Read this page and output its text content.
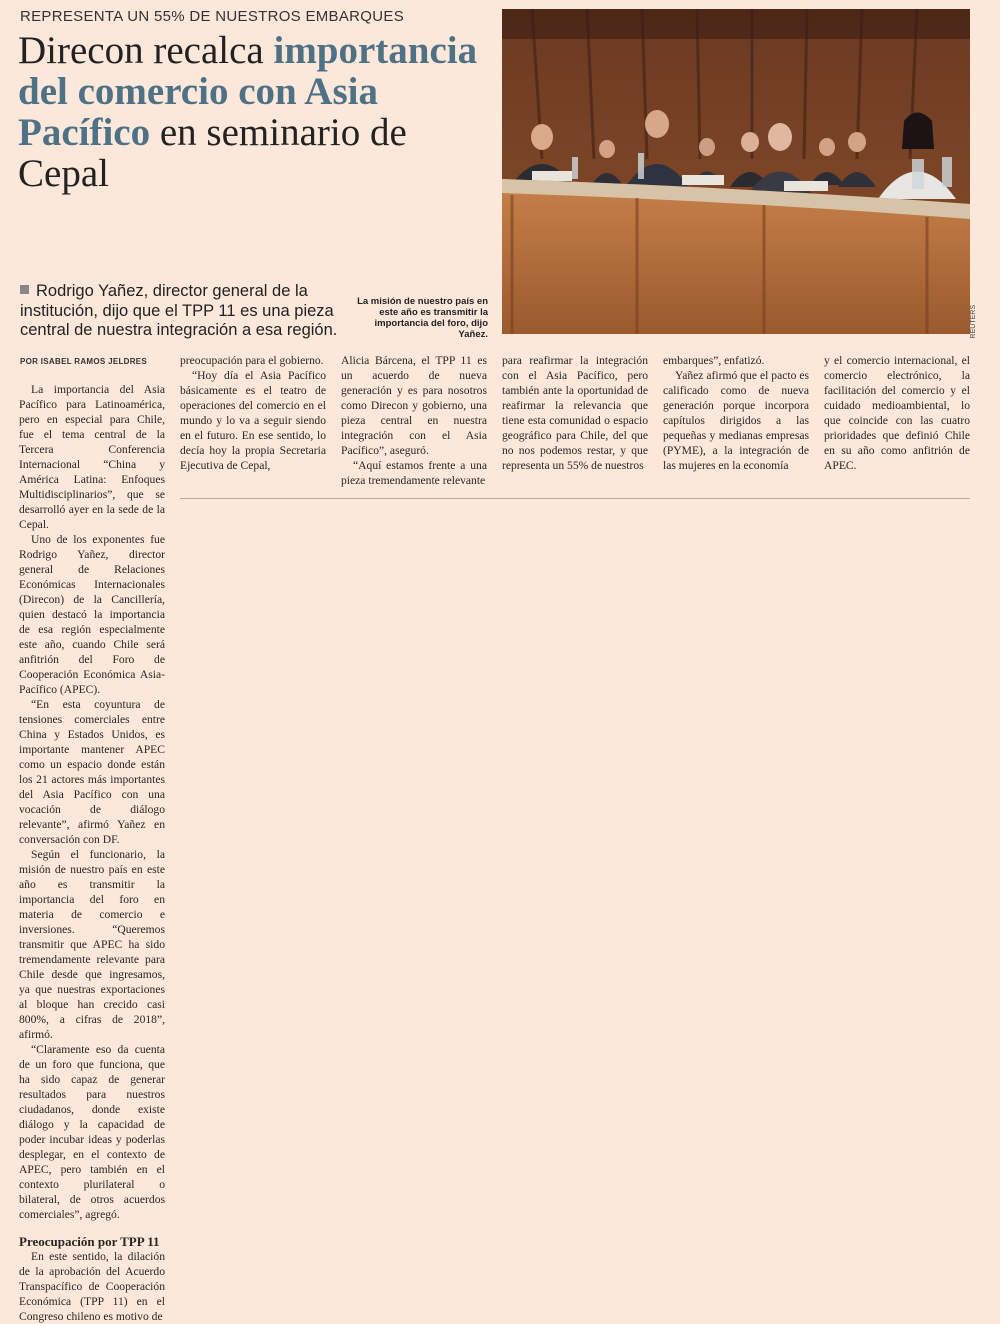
REPRESENTA UN 55% DE NUESTROS EMBARQUES
Direcon recalca importancia del comercio con Asia Pacífico en seminario de Cepal
Rodrigo Yañez, director general de la institución, dijo que el TPP 11 es una pieza central de nuestra integración a esa región.
La misión de nuestro país en este año es transmitir la importancia del foro, dijo Yañez.	REUTERS
POR ISABEL RAMOS JELDRES

La importancia del Asia Pacífico para Latinoamérica, pero en especial para Chile, fue el tema central de la Tercera Conferencia Internacional “China y América Latina: Enfoques Multidisciplinarios”, que se desarrolló ayer en la sede de la Cepal.

Uno de los exponentes fue Rodrigo Yañez, director general de Relaciones Económicas Internacionales (Direcon) de la Cancillería, quien destacó la importancia de esa región especialmente este año, cuando Chile será anfitrión del Foro de Cooperación Económica Asia-Pacífico (APEC).

“En esta coyuntura de tensiones comerciales entre China y Estados Unidos, es importante mantener APEC como un espacio donde están los 21 actores más importantes del Asia Pacífico con una vocación de diálogo relevante”, afirmó Yañez en conversación con DF.

Según el funcionario, la misión de nuestro país en este año es transmitir la importancia del foro en materia de comercio e inversiones. “Queremos transmitir que APEC ha sido tremendamente relevante para Chile desde que ingresamos, ya que nuestras exportaciones al bloque han crecido casi 800%, a cifras de 2018”, afirmó.

“Claramente eso da cuenta de un foro que funciona, que ha sido capaz de generar resultados para nuestros ciudadanos, donde existe diálogo y la capacidad de poder incubar ideas y poderlas desplegar, en el contexto de APEC, pero también en el contexto plurilateral o bilateral, de otros acuerdos comerciales”, agregó.

Preocupación por TPP 11

En este sentido, la dilación de la aprobación del Acuerdo Transpacífico de Cooperación Económica (TPP 11) en el Congreso chileno es motivo de

preocupación para el gobierno.

“Hoy día el Asia Pacífico básicamente es el teatro de operaciones del comercio en el mundo y lo va a seguir siendo en el futuro. En ese sentido, lo decía hoy la propia Secretaria Ejecutiva de Cepal,

Alicia Bárcena, el TPP 11 es un acuerdo de nueva generación y es para nosotros como Direcon y gobierno, una pieza central en nuestra integración con el Asia Pacífico”, aseguró.

“Aquí estamos frente a una pieza tremendamente relevante

para reafirmar la integración con el Asia Pacífico, pero también ante la oportunidad de reafirmar la relevancia que tiene esta comunidad o espacio geográfico para Chile, del que no nos podemos restar, y que representa un 55% de nuestros

embarques”, enfatizó.

Yañez afirmó que el pacto es calificado como de nueva generación porque incorpora capítulos dirigidos a las pequeñas y medianas empresas (PYME), a la integración de las mujeres en la economía

y el comercio internacional, el comercio electrónico, la facilitación del comercio y el cuidado medioambiental, lo que coincide con las cuatro prioridades que definió Chile en su año como anfitrión de APEC.
